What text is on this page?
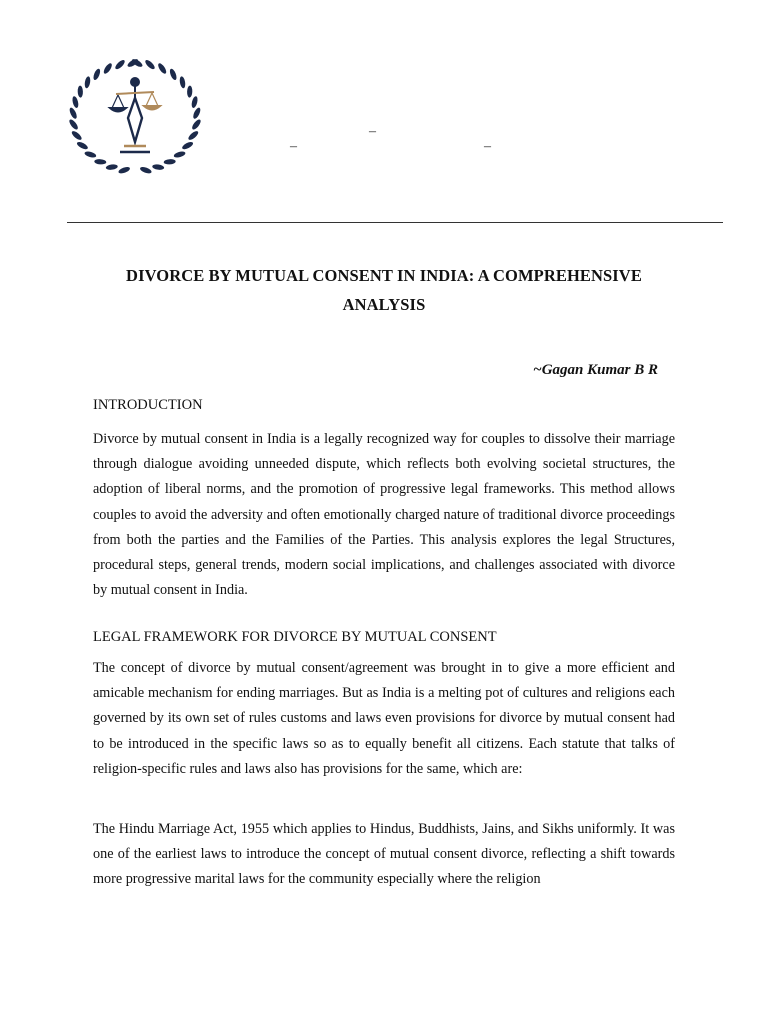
–
–	–
DIVORCE BY MUTUAL CONSENT IN INDIA: A COMPREHENSIVE ANALYSIS
~Gagan Kumar B R
INTRODUCTION
Divorce by mutual consent in India is a legally recognized way for couples to dissolve their marriage through dialogue avoiding unneeded dispute, which reflects both evolving societal structures, the adoption of liberal norms, and the promotion of progressive legal frameworks. This method allows couples to avoid the adversity and often emotionally charged nature of traditional divorce proceedings from both the parties and the Families of the Parties. This analysis explores the legal Structures, procedural steps, general trends, modern social implications, and challenges associated with divorce by mutual consent in India.
LEGAL FRAMEWORK FOR DIVORCE BY MUTUAL CONSENT
The concept of divorce by mutual consent/agreement was brought in to give a more efficient and amicable mechanism for ending marriages. But as India is a melting pot of cultures and religions each governed by its own set of rules customs and laws even provisions for divorce by mutual consent had to be introduced in the specific laws so as to equally benefit all citizens. Each statute that talks of religion-specific rules and laws also has provisions for the same, which are:
The Hindu Marriage Act, 1955 which applies to Hindus, Buddhists, Jains, and Sikhs uniformly. It was one of the earliest laws to introduce the concept of mutual consent divorce, reflecting a shift towards more progressive marital laws for the community especially where the religion
